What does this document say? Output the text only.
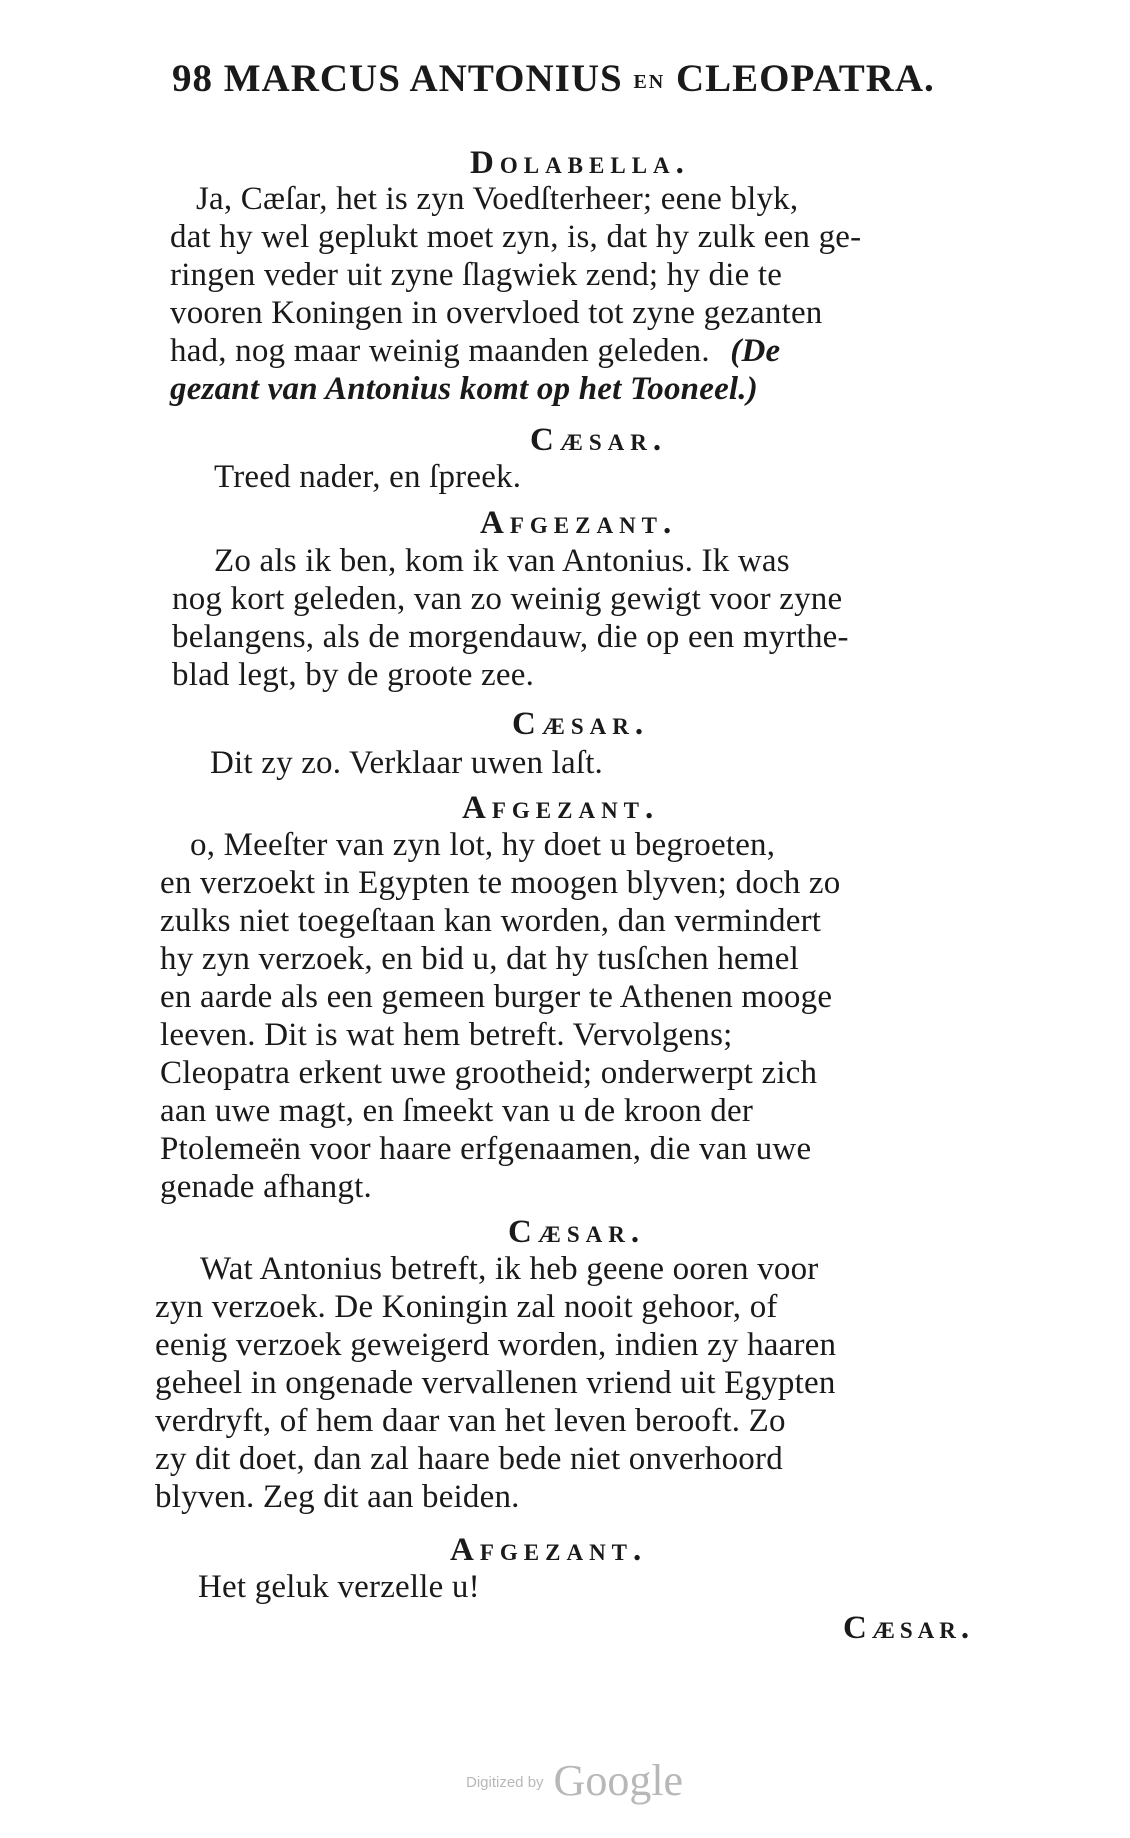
98 MARCUS ANTONIUS EN CLEOPATRA.
Dolabella.
Ja, Cæſar, het is zyn Voedſterheer; eene blyk,
dat hy wel geplukt moet zyn, is, dat hy zulk een ge-
ringen veder uit zyne ſlagwiek zend; hy die te
vooren Koningen in overvloed tot zyne gezanten
had, nog maar weinig maanden geleden. (De
gezant van Antonius komt op het Tooneel.)
Cæsar.
Treed nader, en ſpreek.
Afgezant.
Zo als ik ben, kom ik van Antonius. Ik was
nog kort geleden, van zo weinig gewigt voor zyne
belangens, als de morgendauw, die op een myrthe-
blad legt, by de groote zee.
Cæsar.
Dit zy zo. Verklaar uwen laſt.
Afgezant.
o, Meeſter van zyn lot, hy doet u begroeten,
en verzoekt in Egypten te moogen blyven; doch zo
zulks niet toegeſtaan kan worden, dan vermindert
hy zyn verzoek, en bid u, dat hy tusſchen hemel
en aarde als een gemeen burger te Athenen mooge
leeven. Dit is wat hem betreft. Vervolgens;
Cleopatra erkent uwe grootheid; onderwerpt zich
aan uwe magt, en ſmeekt van u de kroon der
Ptolemeën voor haare erfgenaamen, die van uwe
genade afhangt.
Cæsar.
Wat Antonius betreft, ik heb geene ooren voor
zyn verzoek. De Koningin zal nooit gehoor, of
eenig verzoek geweigerd worden, indien zy haaren
geheel in ongenade vervallenen vriend uit Egypten
verdryft, of hem daar van het leven berooft. Zo
zy dit doet, dan zal haare bede niet onverhoord
blyven. Zeg dit aan beiden.
Afgezant.
Het geluk verzelle u!
Cæsar.
Digitized by Google
